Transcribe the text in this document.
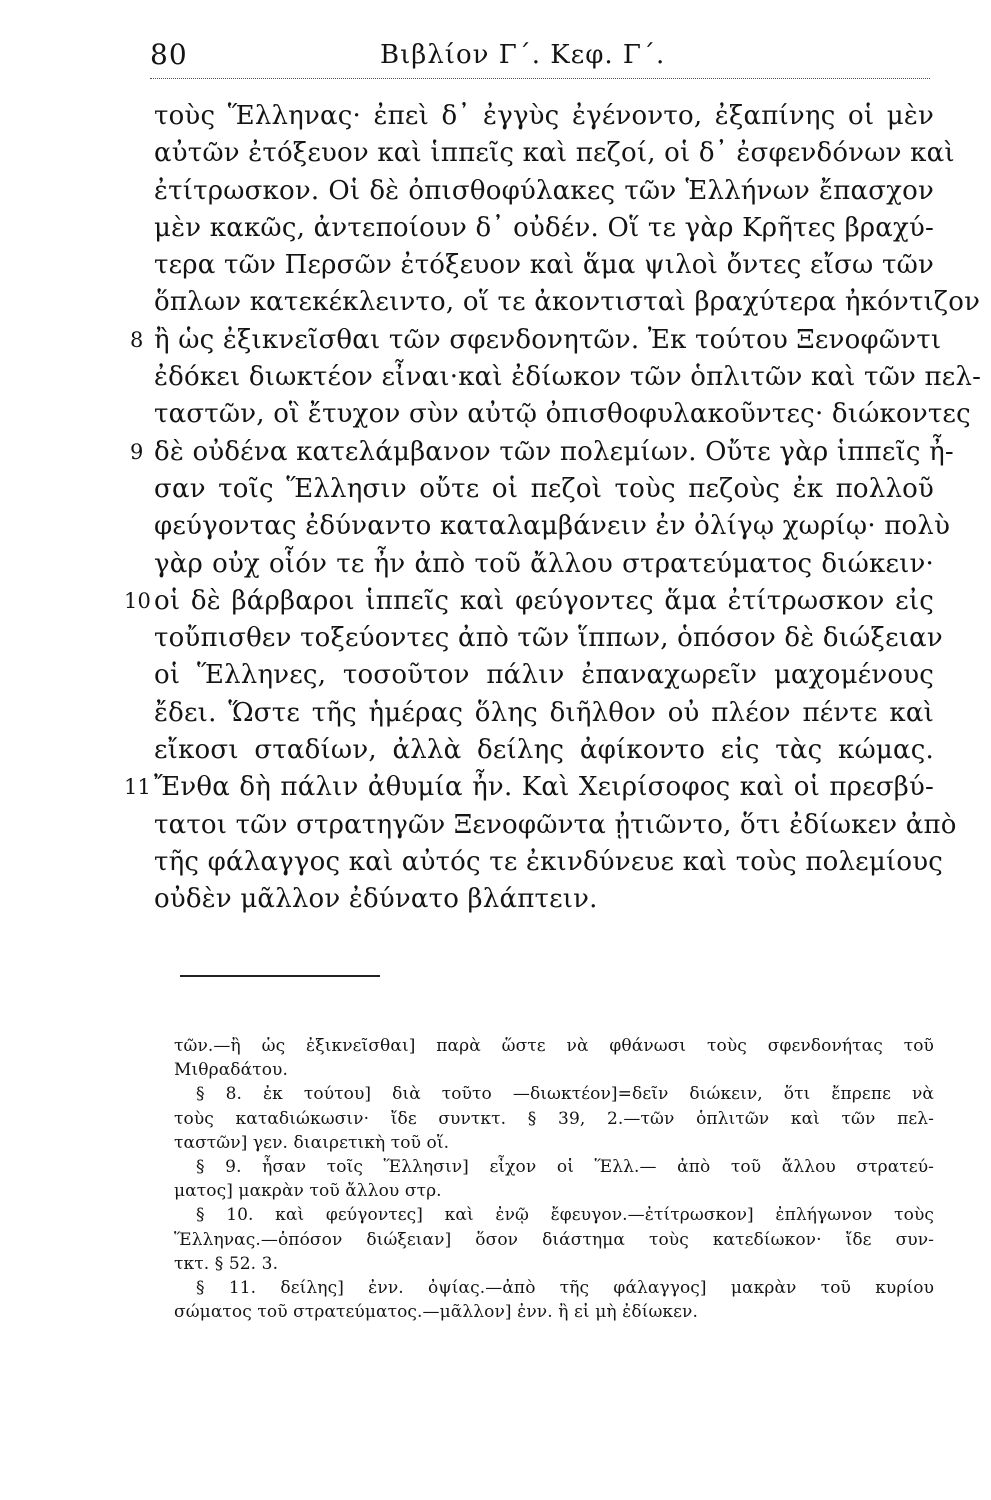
80	Βιβλίον Γ΄. Κεφ. Γ΄.
τοὺς Ἕλληνας· ἐπεὶ δ᾿ ἐγγὺς ἐγένοντο, ἐξαπίνης οἱ μὲν
αὐτῶν ἐτόξευον καὶ ἱππεῖς καὶ πεζοί, οἱ δ᾿ ἐσφενδόνων καὶ
ἐτίτρωσκον. Οἱ δὲ ὀπισθοφύλακες τῶν Ἑλλήνων ἔπασχον
μὲν κακῶς, ἀντεποίουν δ᾿ οὐδέν. Οἵ τε γὰρ Κρῆτες βραχύ-
τερα τῶν Περσῶν ἐτόξευον καὶ ἅμα ψιλοὶ ὄντες εἴσω τῶν
ὅπλων κατεκέκλειντο, οἵ τε ἀκοντισταὶ βραχύτερα ἠκόντιζον
8 ἢ ὡς ἐξικνεῖσθαι τῶν σφενδονητῶν. Ἐκ τούτου Ξενοφῶντι
ἐδόκει διωκτέον εἶναι·καὶ ἐδίωκον τῶν ὁπλιτῶν καὶ τῶν πελ-
ταστῶν, οἳ ἔτυχον σὺν αὐτῷ ὀπισθοφυλακοῦντες· διώκοντες
9 δὲ οὐδένα κατελάμβανον τῶν πολεμίων. Οὔτε γὰρ ἱππεῖς ἦ-
σαν τοῖς Ἕλλησιν οὔτε οἱ πεζοὶ τοὺς πεζοὺς ἐκ πολλοῦ
φεύγοντας ἐδύναντο καταλαμβάνειν ἐν ὀλίγῳ χωρίῳ· πολὺ
γὰρ οὐχ οἷόν τε ἦν ἀπὸ τοῦ ἄλλου στρατεύματος διώκειν·
10 οἱ δὲ βάρβαροι ἱππεῖς καὶ φεύγοντες ἅμα ἐτίτρωσκον εἰς
τοὔπισθεν τοξεύοντες ἀπὸ τῶν ἵππων, ὁπόσον δὲ διώξειαν
οἱ Ἕλληνες, τοσοῦτον πάλιν ἐπαναχωρεῖν μαχομένους
ἔδει. Ὥστε τῆς ἡμέρας ὅλης διῆλθον οὐ πλέον πέντε καὶ
εἴκοσι σταδίων, ἀλλὰ δείλης ἀφίκοντο εἰς τὰς κώμας.
11 Ἔνθα δὴ πάλιν ἀθυμία ἦν. Καὶ Χειρίσοφος καὶ οἱ πρεσβύ-
τατοι τῶν στρατηγῶν Ξενοφῶντα ᾐτιῶντο, ὅτι ἐδίωκεν ἀπὸ
τῆς φάλαγγος καὶ αὐτός τε ἐκινδύνευε καὶ τοὺς πολεμίους
οὐδὲν μᾶλλον ἐδύνατο βλάπτειν.
τῶν.—ἢ ὡς ἐξικνεῖσθαι] παρὰ ὥστε νὰ φθάνωσι τοὺς σφενδονήτας τοῦ
Μιθραδάτου.
§ 8. ἐκ τούτου] διὰ τοῦτο —διωκτέον]=δεῖν διώκειν, ὅτι ἔπρεπε νὰ
τοὺς καταδιώκωσιν· ἴδε συντκτ. § 39, 2.—τῶν ὁπλιτῶν καὶ τῶν πελ-
ταστῶν] γεν. διαιρετικὴ τοῦ οἵ.
§ 9. ἦσαν τοῖς Ἕλλησιν] εἶχον οἱ Ἕλλ.— ἀπὸ τοῦ ἄλλου στρατεύ-
ματος] μακρὰν τοῦ ἄλλου στρ.
§ 10. καὶ φεύγοντες] καὶ ἐνῷ ἔφευγον.—ἐτίτρωσκον] ἐπλήγωνον τοὺς
Ἕλληνας.—ὁπόσον διώξειαν] ὅσον διάστημα τοὺς κατεδίωκον· ἴδε συν-
τκτ. § 52. 3.
§ 11. δείλης] ἐνν. ὀψίας.—ἀπὸ τῆς φάλαγγος] μακρὰν τοῦ κυρίου
σώματος τοῦ στρατεύματος.—μᾶλλον] ἐνν. ἢ εἰ μὴ ἐδίωκεν.
